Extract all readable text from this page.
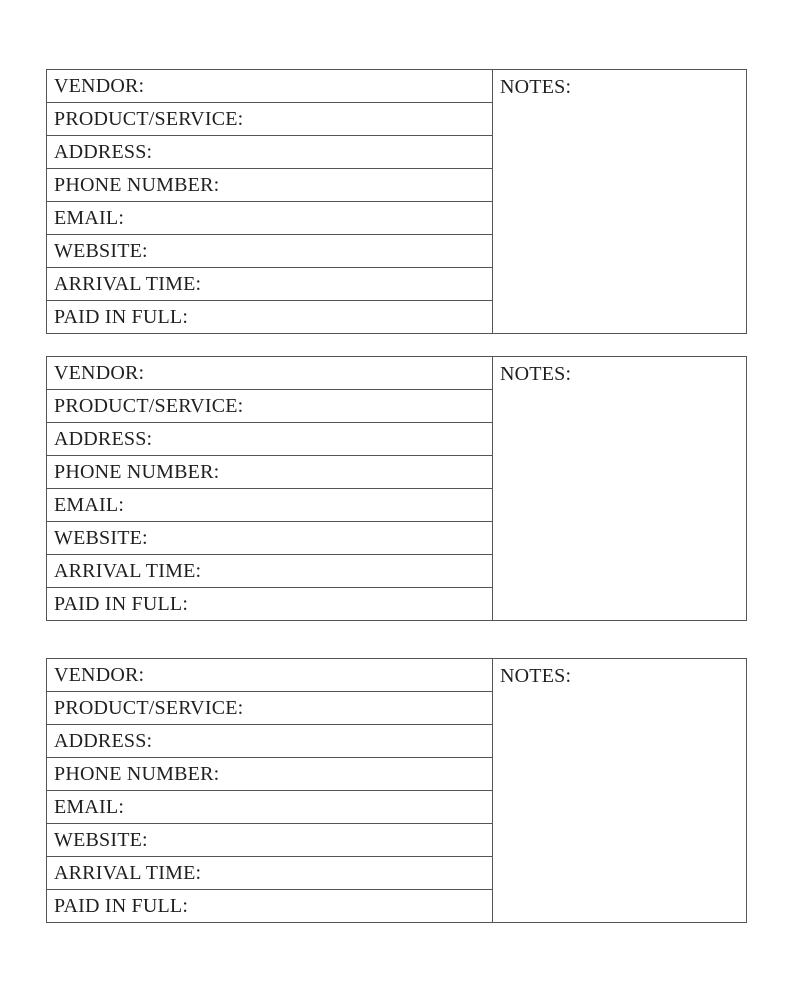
VENDOR:
PRODUCT/SERVICE:
ADDRESS:
PHONE NUMBER:
EMAIL:
WEBSITE:
ARRIVAL TIME:
PAID IN FULL:
NOTES:
VENDOR:
PRODUCT/SERVICE:
ADDRESS:
PHONE NUMBER:
EMAIL:
WEBSITE:
ARRIVAL TIME:
PAID IN FULL:
NOTES:
VENDOR:
PRODUCT/SERVICE:
ADDRESS:
PHONE NUMBER:
EMAIL:
WEBSITE:
ARRIVAL TIME:
PAID IN FULL:
NOTES:
